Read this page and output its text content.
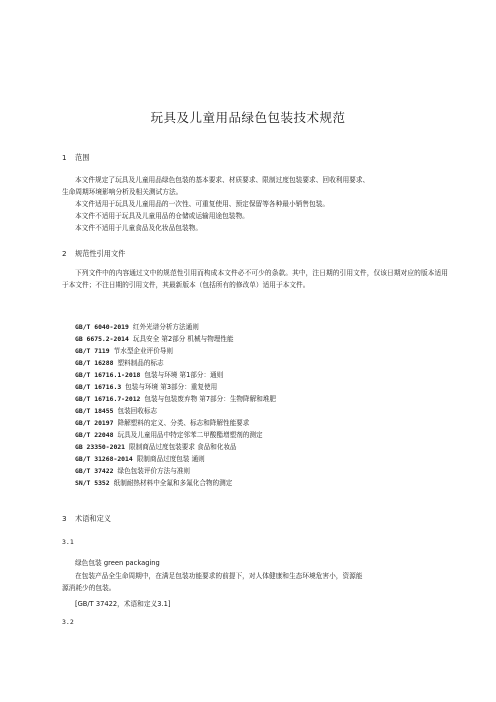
玩具及儿童用品绿色包装技术规范
1 范围
本文件规定了玩具及儿童用品绿色包装的基本要求、材质要求、限制过度包装要求、回收利用要求、
生命周期环境影响分析及相关测试方法。
本文件适用于玩具及儿童用品的一次性、可重复使用、预定保留等各种最小销售包装。
本文件不适用于玩具及儿童用品的仓储或运输用途包装物。
本文件不适用于儿童食品及化妆品包装物。
2 规范性引用文件
下列文件中的内容通过文中的规范性引用而构成本文件必不可少的条款。其中，注日期的引用文件，仅该日期对应的版本适用于本文件；不注日期的引用文件，其最新版本（包括所有的修改单）适用于本文件。
GB/T 6040-2019 红外光谱分析方法通则
GB 6675.2-2014 玩具安全 第2部分 机械与物理性能
GB/T 7119 节水型企业评价导则
GB/T 16288 塑料制品的标志
GB/T 16716.1-2018 包装与环境 第1部分：通则
GB/T 16716.3 包装与环境 第3部分：重复使用
GB/T 16716.7-2012 包装与包装废弃物 第7部分：生物降解和堆肥
GB/T 18455 包装回收标志
GB/T 20197 降解塑料的定义、分类、标志和降解性能要求
GB/T 22048 玩具及儿童用品中特定邻苯二甲酸酯增塑剂的测定
GB 23350-2021 限制商品过度包装要求 食品和化妆品
GB/T 31268-2014 限制商品过度包装 通则
GB/T 37422 绿色包装评价方法与准则
SN/T 5352 纸制耐热材料中全氟和多氟化合物的测定
3 术语和定义
3.1
绿色包装 green packaging
在包装产品全生命周期中，在满足包装功能要求的前提下，对人体健康和生态环境危害小，资源能
源消耗少的包装。
[GB/T 37422，术语和定义3.1]
3.2
